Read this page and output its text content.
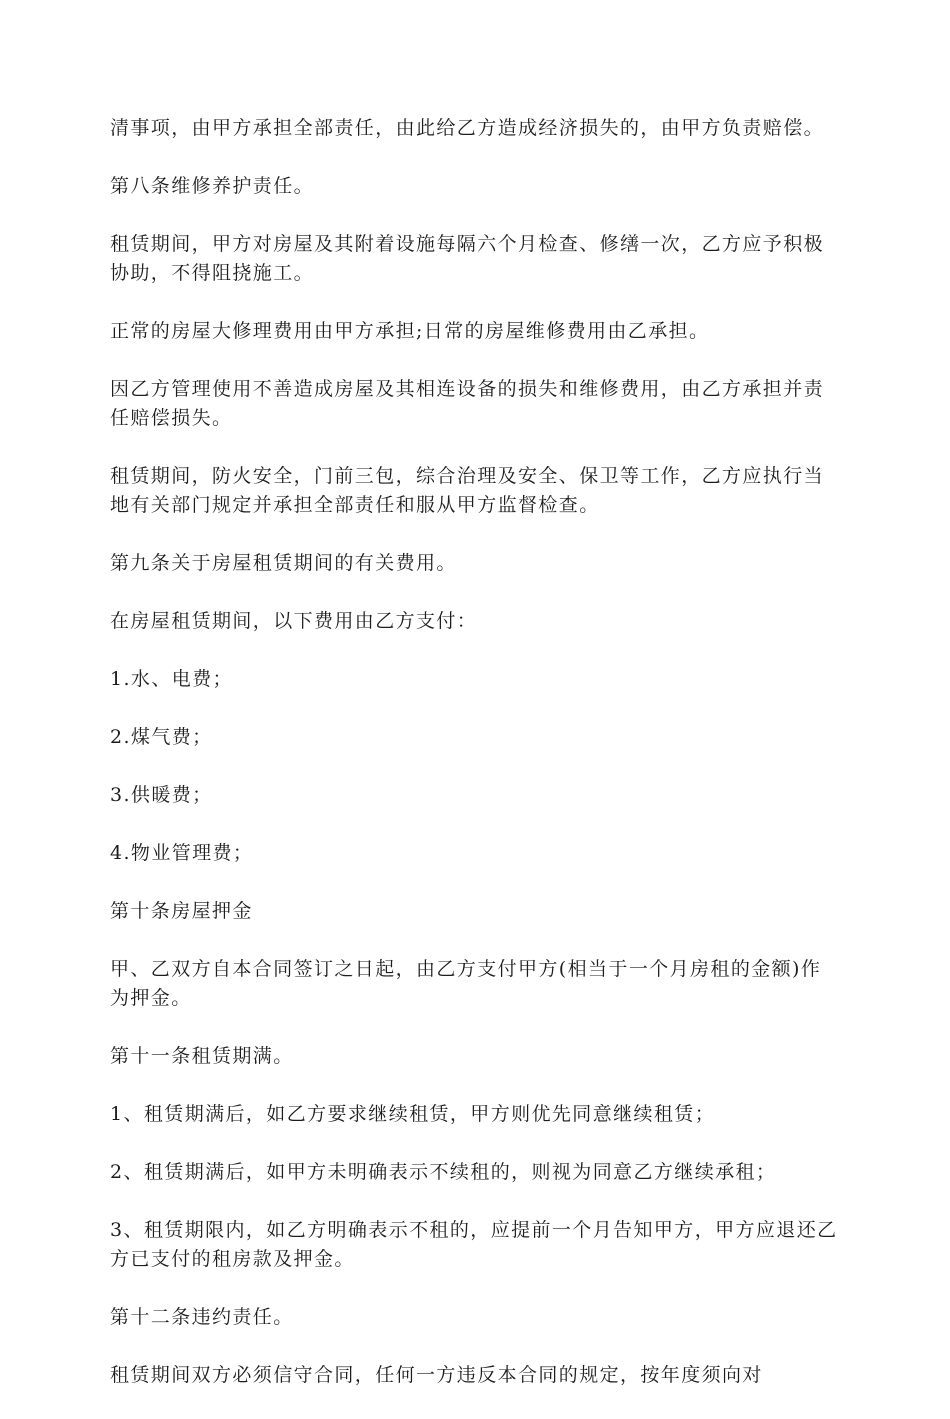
清事项，由甲方承担全部责任，由此给乙方造成经济损失的，由甲方负责赔偿。

第八条维修养护责任。

租赁期间，甲方对房屋及其附着设施每隔六个月检查、修缮一次，乙方应予积极协助，不得阻挠施工。

正常的房屋大修理费用由甲方承担;日常的房屋维修费用由乙承担。

因乙方管理使用不善造成房屋及其相连设备的损失和维修费用，由乙方承担并责任赔偿损失。

租赁期间，防火安全，门前三包，综合治理及安全、保卫等工作，乙方应执行当地有关部门规定并承担全部责任和服从甲方监督检查。

第九条关于房屋租赁期间的有关费用。

在房屋租赁期间，以下费用由乙方支付：

1.水、电费；

2.煤气费；

3.供暖费；

4.物业管理费；

第十条房屋押金

甲、乙双方自本合同签订之日起，由乙方支付甲方(相当于一个月房租的金额)作为押金。

第十一条租赁期满。

1、租赁期满后，如乙方要求继续租赁，甲方则优先同意继续租赁；

2、租赁期满后，如甲方未明确表示不续租的，则视为同意乙方继续承租；

3、租赁期限内，如乙方明确表示不租的，应提前一个月告知甲方，甲方应退还乙方已支付的租房款及押金。

第十二条违约责任。

租赁期间双方必须信守合同，任何一方违反本合同的规定，按年度须向对
